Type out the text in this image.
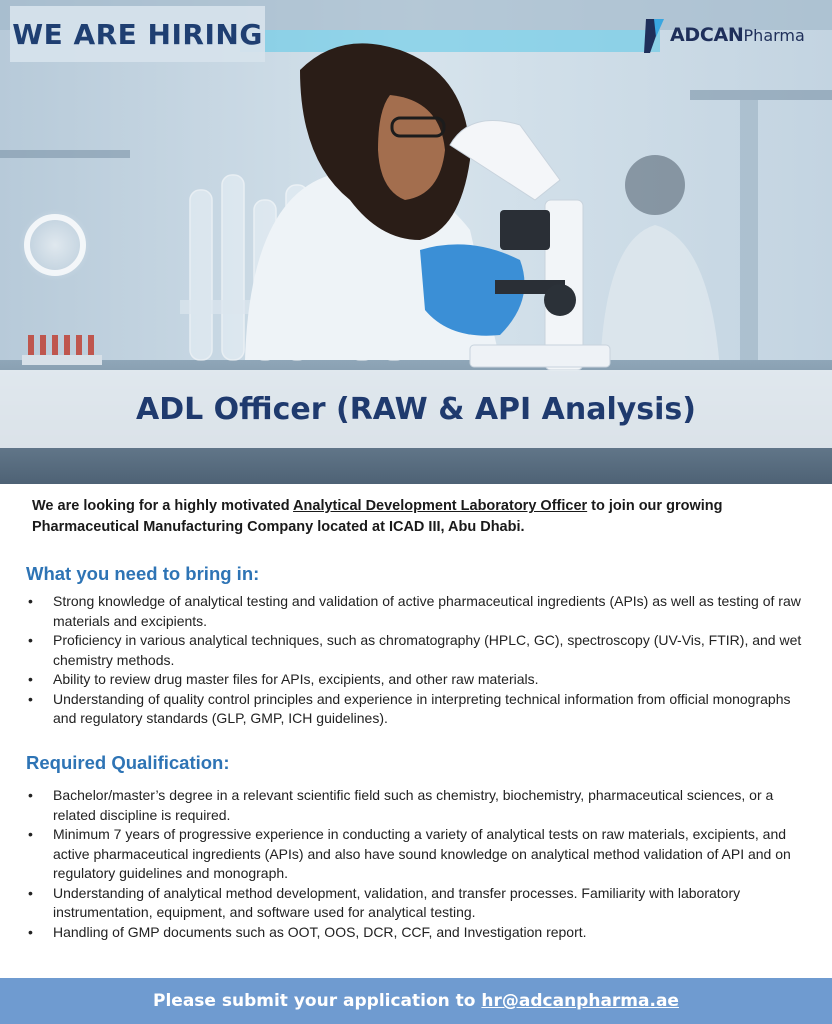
WE ARE HIRING	ADCAN Pharma
ADL Officer (RAW & API Analysis)

We are looking for a highly motivated Analytical Development Laboratory Officer to join our growing Pharmaceutical Manufacturing Company located at ICAD III, Abu Dhabi.

What you need to bring in:
• Strong knowledge of analytical testing and validation of active pharmaceutical ingredients (APIs) as well as testing of raw materials and excipients.
• Proficiency in various analytical techniques, such as chromatography (HPLC, GC), spectroscopy (UV-Vis, FTIR), and wet chemistry methods.
• Ability to review drug master files for APIs, excipients, and other raw materials.
• Understanding of quality control principles and experience in interpreting technical information from official monographs and regulatory standards (GLP, GMP, ICH guidelines).
Required Qualification:
• Bachelor/master’s degree in a relevant scientific field such as chemistry, biochemistry, pharmaceutical sciences, or a related discipline is required.
• Minimum 7 years of progressive experience in conducting a variety of analytical tests on raw materials, excipients, and active pharmaceutical ingredients (APIs) and also have sound knowledge on analytical method validation of API and on regulatory guidelines and monograph.
• Understanding of analytical method development, validation, and transfer processes. Familiarity with laboratory instrumentation, equipment, and software used for analytical testing.
• Handling of GMP documents such as OOT, OOS, DCR, CCF, and Investigation report.
Please submit your application to hr@adcanpharma.ae
